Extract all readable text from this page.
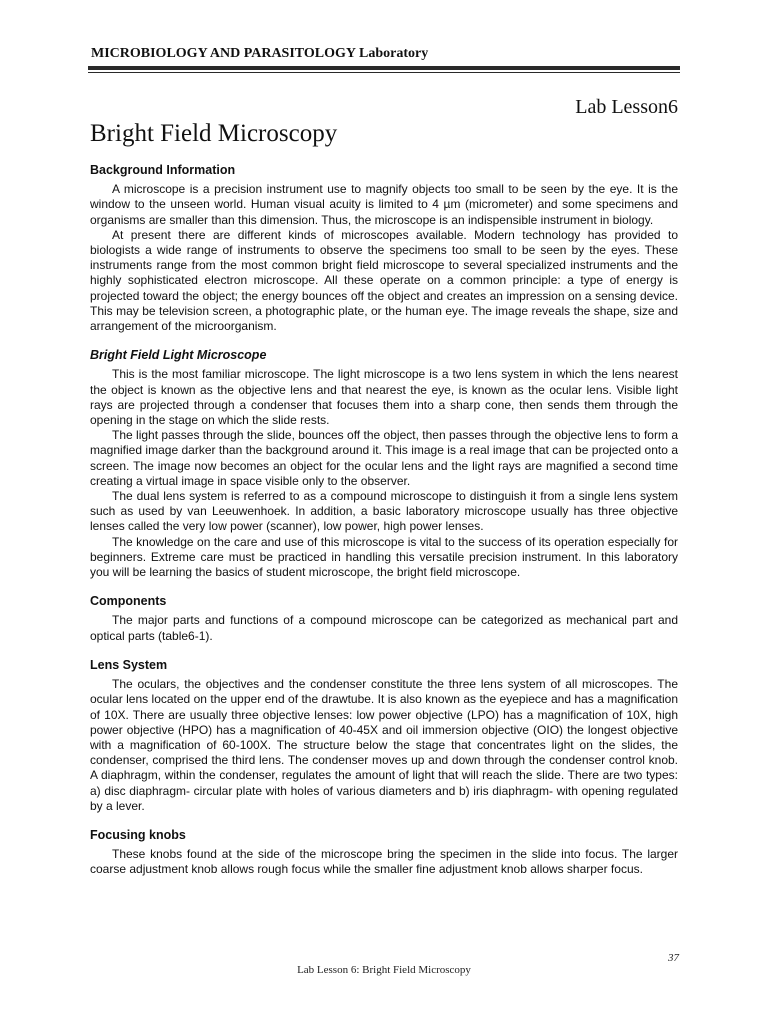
MICROBIOLOGY AND PARASITOLOGY Laboratory
Lab Lesson6
Bright Field Microscopy
Background Information

A microscope is a precision instrument use to magnify objects too small to be seen by the eye. It is the window to the unseen world. Human visual acuity is limited to 4 µm (micrometer) and some specimens and organisms are smaller than this dimension. Thus, the microscope is an indispensible instrument in biology.

At present there are different kinds of microscopes available. Modern technology has provided to biologists a wide range of instruments to observe the specimens too small to be seen by the eyes. These instruments range from the most common bright field microscope to several specialized instruments and the highly sophisticated electron microscope. All these operate on a common principle: a type of energy is projected toward the object; the energy bounces off the object and creates an impression on a sensing device. This may be television screen, a photographic plate, or the human eye. The image reveals the shape, size and arrangement of the microorganism.

Bright Field Light Microscope

This is the most familiar microscope. The light microscope is a two lens system in which the lens nearest the object is known as the objective lens and that nearest the eye, is known as the ocular lens. Visible light rays are projected through a condenser that focuses them into a sharp cone, then sends them through the opening in the stage on which the slide rests.

The light passes through the slide, bounces off the object, then passes through the objective lens to form a magnified image darker than the background around it. This image is a real image that can be projected onto a screen. The image now becomes an object for the ocular lens and the light rays are magnified a second time creating a virtual image in space visible only to the observer.

The dual lens system is referred to as a compound microscope to distinguish it from a single lens system such as used by van Leeuwenhoek. In addition, a basic laboratory microscope usually has three objective lenses called the very low power (scanner), low power, high power lenses.

The knowledge on the care and use of this microscope is vital to the success of its operation especially for beginners. Extreme care must be practiced in handling this versatile precision instrument. In this laboratory you will be learning the basics of student microscope, the bright field microscope.

Components

The major parts and functions of a compound microscope can be categorized as mechanical part and optical parts (table6-1).

Lens System

The oculars, the objectives and the condenser constitute the three lens system of all microscopes. The ocular lens located on the upper end of the drawtube. It is also known as the eyepiece and has a magnification of 10X. There are usually three objective lenses: low power objective (LPO) has a magnification of 10X, high power objective (HPO) has a magnification of 40-45X and oil immersion objective (OIO) the longest objective with a magnification of 60-100X. The structure below the stage that concentrates light on the slides, the condenser, comprised the third lens. The condenser moves up and down through the condenser control knob. A diaphragm, within the condenser, regulates the amount of light that will reach the slide. There are two types: a) disc diaphragm- circular plate with holes of various diameters and b) iris diaphragm- with opening regulated by a lever.

Focusing knobs

These knobs found at the side of the microscope bring the specimen in the slide into focus. The larger coarse adjustment knob allows rough focus while the smaller fine adjustment knob allows sharper focus.

37
Lab Lesson 6: Bright Field Microscopy
